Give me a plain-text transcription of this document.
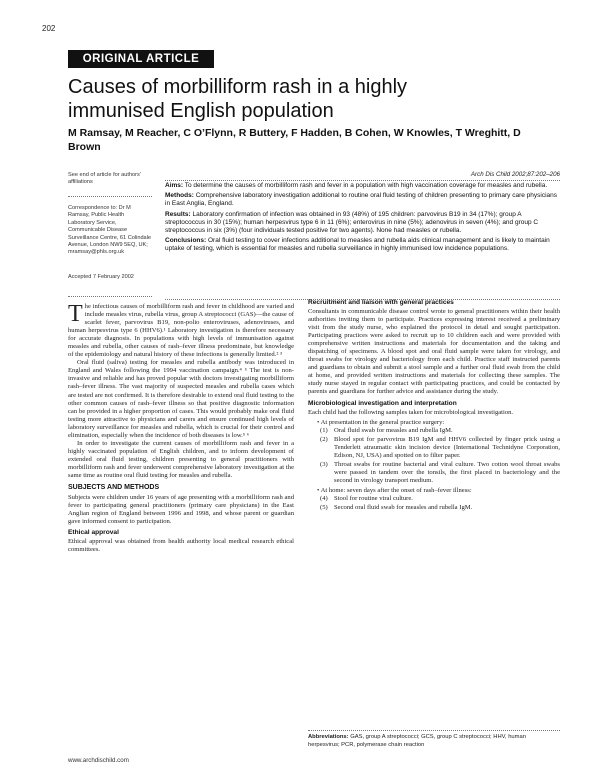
202
ORIGINAL ARTICLE
Causes of morbilliform rash in a highly immunised English population
M Ramsay, M Reacher, C O’Flynn, R Buttery, F Hadden, B Cohen, W Knowles, T Wreghitt, D Brown
See end of article for authors’ affiliations
Correspondence to: Dr M Ramsay, Public Health Laboratory Service, Communicable Disease Surveillance Centre, 61 Colindale Avenue, London NW9 5EQ, UK; mramsay@phls.org.uk
Accepted 7 February 2002
Arch Dis Child 2002;87:202–206

Aims: To determine the causes of morbilliform rash and fever in a population with high vaccination coverage for measles and rubella.

Methods: Comprehensive laboratory investigation additional to routine oral fluid testing of children presenting to primary care physicians in East Anglia, England.

Results: Laboratory confirmation of infection was obtained in 93 (48%) of 195 children: parvovirus B19 in 34 (17%); group A streptococcus in 30 (15%); human herpesvirus type 6 in 11 (6%); enterovirus in nine (5%); adenovirus in seven (4%); and group C streptococcus in six (3%) (four individuals tested positive for two agents). None had measles or rubella.

Conclusions: Oral fluid testing to cover infections additional to measles and rubella aids clinical management and is likely to maintain uptake of testing, which is essential for measles and rubella surveillance in highly immunised low incidence populations.

The infectious causes of morbilliform rash and fever in childhood are varied and include measles virus, rubella virus, group A streptococci (GAS)—the cause of scarlet fever, parvovirus B19, non-polio enteroviruses, adenoviruses, and human herpesvirus type 6 (HHV6).¹ Laboratory investigation is therefore necessary for accurate diagnosis. In populations with high levels of immunisation against measles and rubella, other causes of rash–fever illness predominate, but knowledge of the epidemiology and natural history of these infections is generally limited.² ³

Oral fluid (saliva) testing for measles and rubella antibody was introduced in England and Wales following the 1994 vaccination campaign.⁴ ⁵ The test is non-invasive and reliable and has proved popular with doctors investigating morbilliform rash–fever illness. The vast majority of suspected measles and rubella cases which are tested are not confirmed. It is therefore desirable to extend oral fluid testing to the other common causes of rash–fever illness so that positive diagnostic information can be provided in a higher proportion of cases. This would probably make oral fluid testing more attractive to physicians and carers and ensure continued high levels of laboratory surveillance for measles and rubella, which is crucial for their control and elimination, especially when the incidence of both diseases is low.⁵ ⁶

In order to investigate the current causes of morbilliform rash and fever in a highly vaccinated population of English children, and to inform development of extended oral fluid testing, children presenting to general practitioners with morbilliform rash and fever underwent comprehensive laboratory investigation at the same time as routine oral fluid testing for measles and rubella.

SUBJECTS AND METHODS

Subjects were children under 16 years of age presenting with a morbilliform rash and fever to participating general practitioners (primary care physicians) in the East Anglian region of England between 1996 and 1998, and whose parent or guardian gave informed consent to participation.

Ethical approval

Ethical approval was obtained from health authority local medical research ethical committees.

Recruitment and liaison with general practices

Consultants in communicable disease control wrote to general practitioners within their health authorities inviting them to participate. Practices expressing interest received a preliminary visit from the study nurse, who explained the protocol in detail and sought participation. Participating practices were asked to recruit up to 10 children each and were provided with comprehensive written instructions and materials for documentation and the taking and dispatching of specimens. A blood spot and oral fluid sample were taken for virology, and throat swabs for virology and bacteriology from each child. Practice staff instructed parents and guardians to obtain and submit a stool sample and a further oral fluid swab from the child at home, and provided written instructions and materials for collecting these samples. The study nurse stayed in regular contact with participating practices, and could be contacted by parents and guardians for further advice and assistance during the study.

Microbiological investigation and interpretation

Each child had the following samples taken for microbiological investigation.

• At presentation in the general practice surgery:

(1) Oral fluid swab for measles and rubella IgM.
(2) Blood spot for parvovirus B19 IgM and HHV6 collected by finger prick using a Tenderlett atraumatic skin incision device (International Technidyne Corporation, Edison, NJ, USA) and spotted on to filter paper.
(3) Throat swabs for routine bacterial and viral culture. Two cotton wool throat swabs were passed in tandem over the tonsils, the first placed in bacteriology and the second in virology transport medium.

• At home: seven days after the onset of rash–fever illness:

(4) Stool for routine viral culture.
(5) Second oral fluid swab for measles and rubella IgM.
Abbreviations: GAS, group A streptococci; GCS, group C streptococci; HHV, human herpesvirus; PCR, polymerase chain reaction
www.archdischild.com
